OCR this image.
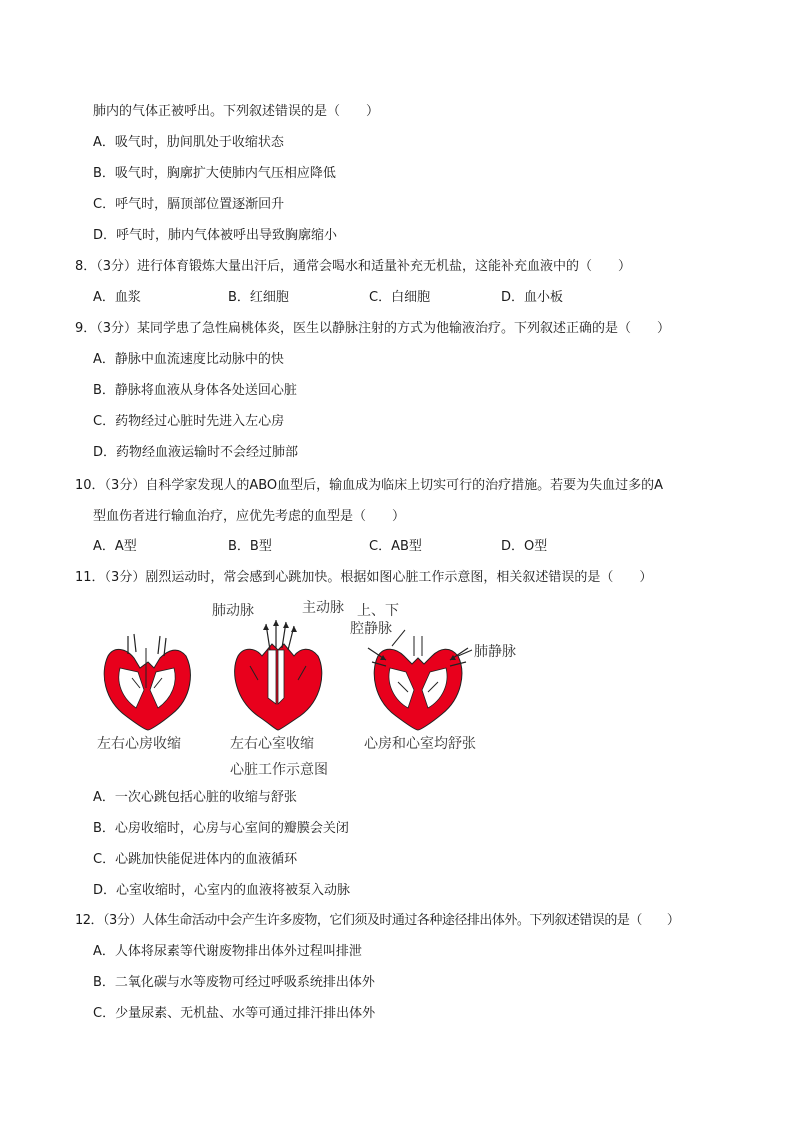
肺内的气体正被呼出。下列叙述错误的是（　　）
A．吸气时，肋间肌处于收缩状态
B．吸气时，胸廓扩大使肺内气压相应降低
C．呼气时，膈顶部位置逐渐回升
D．呼气时，肺内气体被呼出导致胸廓缩小
8．（3分）进行体育锻炼大量出汗后，通常会喝水和适量补充无机盐，这能补充血液中的（　　）
A．血浆	B．红细胞	C．白细胞	D．血小板
9．（3分）某同学患了急性扁桃体炎，医生以静脉注射的方式为他输液治疗。下列叙述正确的是（　　）
A．静脉中血流速度比动脉中的快
B．静脉将血液从身体各处送回心脏
C．药物经过心脏时先进入左心房
D．药物经血液运输时不会经过肺部
10．（3分）自科学家发现人的ABO血型后，输血成为临床上切实可行的治疗措施。若要为失血过多的A
型血伤者进行输血治疗，应优先考虑的血型是（　　）
A．A型	B．B型	C．AB型	D．O型
11．（3分）剧烈运动时，常会感到心跳加快。根据如图心脏工作示意图，相关叙述错误的是（　　）
肺动脉	主动脉 上、下
腔静脉
肺静脉
左右心房收缩	左右心室收缩	心房和心室均舒张
心脏工作示意图
A．一次心跳包括心脏的收缩与舒张
B．心房收缩时，心房与心室间的瓣膜会关闭
C．心跳加快能促进体内的血液循环
D．心室收缩时，心室内的血液将被泵入动脉
12．（3分）人体生命活动中会产生许多废物，它们须及时通过各种途径排出体外。下列叙述错误的是（　　）
A．人体将尿素等代谢废物排出体外过程叫排泄
B．二氧化碳与水等废物可经过呼吸系统排出体外
C．少量尿素、无机盐、水等可通过排汗排出体外
